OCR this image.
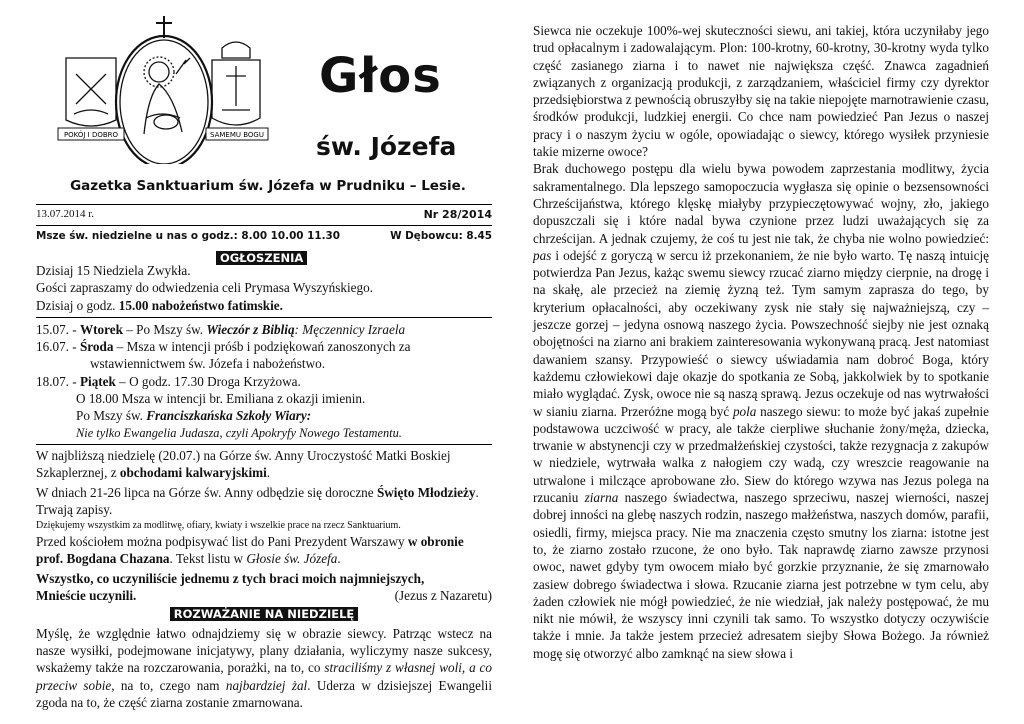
POKÓJ I DOBRO	SAMEMU BOGU
Głos
św. Józefa
Gazetka Sanktuarium św. Józefa w Prudniku – Lesie.
13.07.2014 r.	Nr 28/2014
Msze św. niedzielne u nas o godz.: 8.00 10.00 11.30	W Dębowcu: 8.45
OGŁOSZENIA

Dzisiaj 15 Niedziela Zwykła.

Gości zapraszamy do odwiedzenia celi Prymasa Wyszyńskiego.

Dzisiaj o godz. 15.00 nabożeństwo fatimskie.

15.07. - Wtorek – Po Mszy św. Wieczór z Biblią: Męczennicy Izraela

16.07. - Środa – Msza w intencji próśb i podziękowań zanoszonych za wstawiennictwem św. Józefa i nabożeństwo.

18.07. - Piątek – O godz. 17.30 Droga Krzyżowa.

O 18.00 Msza w intencji br. Emiliana z okazji imienin.

Po Mszy św. Franciszkańska Szkoły Wiary:

Nie tylko Ewangelia Judasza, czyli Apokryfy Nowego Testamentu.

W najbliższą niedzielę (20.07.) na Górze św. Anny Uroczystość Matki Boskiej Szkaplerznej, z obchodami kalwaryjskimi.

W dniach 21-26 lipca na Górze św. Anny odbędzie się doroczne Święto Młodzieży. Trwają zapisy.

Dziękujemy wszystkim za modlitwę, ofiary, kwiaty i wszelkie prace na rzecz Sanktuarium.

Przed kościołem można podpisywać list do Pani Prezydent Warszawy w obronie prof. Bogdana Chazana. Tekst listu w Głosie św. Józefa.

Wszystko, co uczyniliście jednemu z tych braci moich najmniejszych,

Mnieście uczynili.	(Jezus z Nazaretu)

ROZWAŻANIE NA NIEDZIELĘ

Myślę, że względnie łatwo odnajdziemy się w obrazie siewcy. Patrząc wstecz na nasze wysiłki, podejmowane inicjatywy, plany działania, wyliczymy nasze sukcesy, wskażemy także na rozczarowania, porażki, na to, co straciliśmy z własnej woli, a co przeciw sobie, na to, czego nam najbardziej żal. Uderza w dzisiejszej Ewangelii zgoda na to, że część ziarna zostanie zmarnowana.

Siewca nie oczekuje 100%-wej skuteczności siewu, ani takiej, która uczyniłaby jego trud opłacalnym i zadowalającym. Plon: 100-krotny, 60-krotny, 30-krotny wyda tylko część zasianego ziarna i to nawet nie największa część. Znawca zagadnień związanych z organizacją produkcji, z zarządzaniem, właściciel firmy czy dyrektor przedsiębiorstwa z pewnością obruszyłby się na takie niepojęte marnotrawienie czasu, środków produkcji, ludzkiej energii. Co chce nam powiedzieć Pan Jezus o naszej pracy i o naszym życiu w ogóle, opowiadając o siewcy, którego wysiłek przyniesie takie mizerne owoce?

Brak duchowego postępu dla wielu bywa powodem zaprzestania modlitwy, życia sakramentalnego. Dla lepszego samopoczucia wygłasza się opinie o bezsensowności Chrześcijaństwa, którego klęskę miałyby przypieczętowywać wojny, zło, jakiego dopuszczali się i które nadal bywa czynione przez ludzi uważających się za chrześcijan. A jednak czujemy, że coś tu jest nie tak, że chyba nie wolno powiedzieć: pas i odejść z goryczą w sercu iż przekonaniem, że nie było warto. Tę naszą intuicję potwierdza Pan Jezus, każąc swemu siewcy rzucać ziarno między cierpnie, na drogę i na skałę, ale przecież na ziemię żyzną też. Tym samym zaprasza do tego, by kryterium opłacalności, aby oczekiwany zysk nie stały się najważniejszą, czy – jeszcze gorzej – jedyna osnową naszego życia. Powszechność siejby nie jest oznaką obojętności na ziarno ani brakiem zainteresowania wykonywaną pracą. Jest natomiast dawaniem szansy. Przypowieść o siewcy uświadamia nam dobroć Boga, który każdemu człowiekowi daje okazje do spotkania ze Sobą, jakkolwiek by to spotkanie miało wyglądać. Zysk, owoce nie są naszą sprawą. Jezus oczekuje od nas wytrwałości w sianiu ziarna. Przeróżne mogą być pola naszego siewu: to może być jakaś zupełnie podstawowa uczciwość w pracy, ale także cierpliwe słuchanie żony/męża, dziecka, trwanie w abstynencji czy w przedmałżeńskiej czystości, także rezygnacja z zakupów w niedziele, wytrwała walka z nałogiem czy wadą, czy wreszcie reagowanie na utrwalone i milczące aprobowane zło. Siew do którego wzywa nas Jezus polega na rzucaniu ziarna naszego świadectwa, naszego sprzeciwu, naszej wierności, naszej dobrej inności na glebę naszych rodzin, naszego małżeństwa, naszych domów, parafii, osiedli, firmy, miejsca pracy. Nie ma znaczenia często smutny los ziarna: istotne jest to, że ziarno zostało rzucone, że ono było. Tak naprawdę ziarno zawsze przynosi owoc, nawet gdyby tym owocem miało być gorzkie przyznanie, że się zmarnowało zasiew dobrego świadectwa i słowa. Rzucanie ziarna jest potrzebne w tym celu, aby żaden człowiek nie mógł powiedzieć, że nie wiedział, jak należy postępować, że mu nikt nie mówił, że wszyscy inni czynili tak samo. To wszystko dotyczy oczywiście także i mnie. Ja także jestem przecież adresatem siejby Słowa Bożego. Ja również mogę się otworzyć albo zamknąć na siew słowa i
